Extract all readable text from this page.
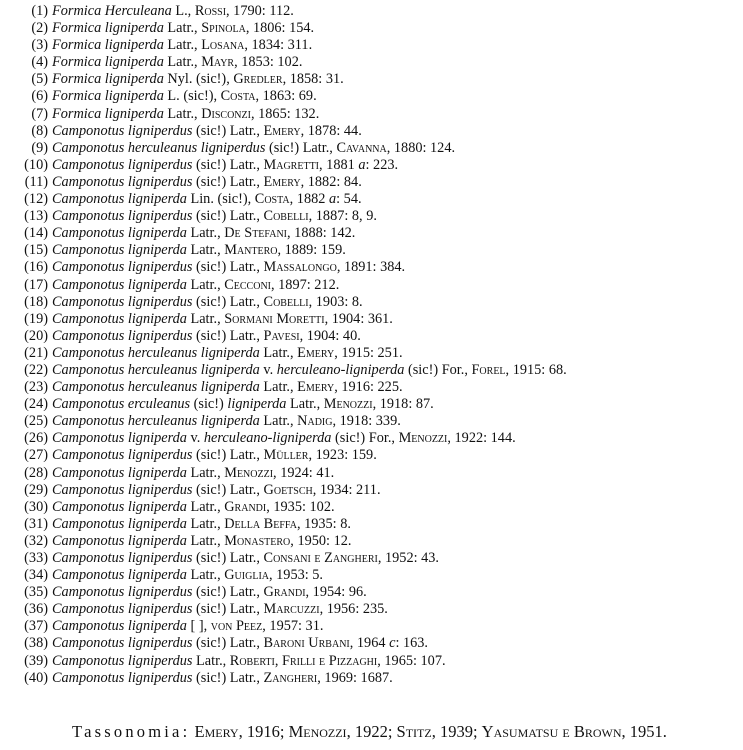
(1) Formica Herculeana L., Rossi, 1790: 112.
(2) Formica ligniperda Latr., Spinola, 1806: 154.
(3) Formica ligniperda Latr., Losana, 1834: 311.
(4) Formica ligniperda Latr., Mayr, 1853: 102.
(5) Formica ligniperda Nyl. (sic!), Gredler, 1858: 31.
(6) Formica ligniperda L. (sic!), Costa, 1863: 69.
(7) Formica ligniperda Latr., Disconzi, 1865: 132.
(8) Camponotus ligniperdus (sic!) Latr., Emery, 1878: 44.
(9) Camponotus herculeanus ligniperdus (sic!) Latr., Cavanna, 1880: 124.
(10) Camponotus ligniperdus (sic!) Latr., Magretti, 1881 a: 223.
(11) Camponotus ligniperdus (sic!) Latr., Emery, 1882: 84.
(12) Camponotus ligniperda Lin. (sic!), Costa, 1882 a: 54.
(13) Camponotus ligniperdus (sic!) Latr., Cobelli, 1887: 8, 9.
(14) Camponotus ligniperda Latr., De Stefani, 1888: 142.
(15) Camponotus ligniperda Latr., Mantero, 1889: 159.
(16) Camponotus ligniperdus (sic!) Latr., Massalongo, 1891: 384.
(17) Camponotus ligniperda Latr., Cecconi, 1897: 212.
(18) Camponotus ligniperdus (sic!) Latr., Cobelli, 1903: 8.
(19) Camponotus ligniperda Latr., Sormani Moretti, 1904: 361.
(20) Camponotus ligniperdus (sic!) Latr., Pavesi, 1904: 40.
(21) Camponotus herculeanus ligniperda Latr., Emery, 1915: 251.
(22) Camponotus herculeanus ligniperda v. herculeano-ligniperda (sic!) For., Forel, 1915: 68.
(23) Camponotus herculeanus ligniperda Latr., Emery, 1916: 225.
(24) Camponotus erculeanus (sic!) ligniperda Latr., Menozzi, 1918: 87.
(25) Camponotus herculeanus ligniperda Latr., Nadig, 1918: 339.
(26) Camponotus ligniperda v. herculeano-ligniperda (sic!) For., Menozzi, 1922: 144.
(27) Camponotus ligniperdus (sic!) Latr., Müller, 1923: 159.
(28) Camponotus ligniperda Latr., Menozzi, 1924: 41.
(29) Camponotus ligniperdus (sic!) Latr., Goetsch, 1934: 211.
(30) Camponotus ligniperda Latr., Grandi, 1935: 102.
(31) Camponotus ligniperda Latr., Della Beffa, 1935: 8.
(32) Camponotus ligniperda Latr., Monastero, 1950: 12.
(33) Camponotus ligniperdus (sic!) Latr., Consani e Zangheri, 1952: 43.
(34) Camponotus ligniperda Latr., Guiglia, 1953: 5.
(35) Camponotus ligniperdus (sic!) Latr., Grandi, 1954: 96.
(36) Camponotus ligniperdus (sic!) Latr., Marcuzzi, 1956: 235.
(37) Camponotus ligniperda [ ], von Peez, 1957: 31.
(38) Camponotus ligniperdus (sic!) Latr., Baroni Urbani, 1964 c: 163.
(39) Camponotus ligniperdus Latr., Roberti, Frilli e Pizzaghi, 1965: 107.
(40) Camponotus ligniperdus (sic!) Latr., Zangheri, 1969: 1687.

Tassonomia: Emery, 1916; Menozzi, 1922; Stitz, 1939; Yasumatsu e Brown, 1951.
